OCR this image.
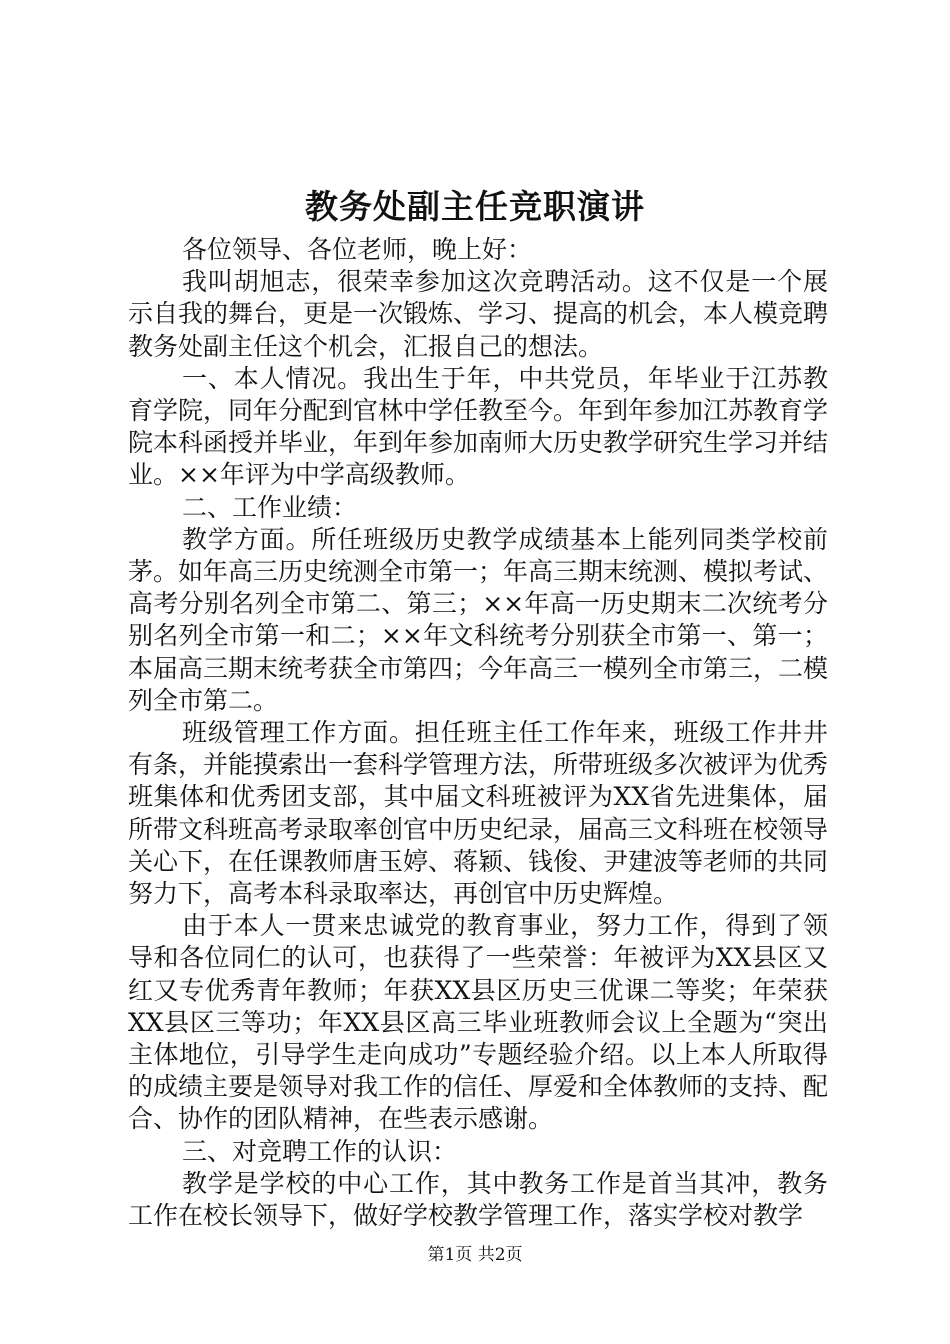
教务处副主任竞职演讲

各位领导、各位老师，晚上好：

我叫胡旭志，很荣幸参加这次竞聘活动。这不仅是一个展示自我的舞台，更是一次锻炼、学习、提高的机会，本人模竞聘教务处副主任这个机会，汇报自己的想法。

一、本人情况。我出生于年，中共党员，年毕业于江苏教育学院，同年分配到官林中学任教至今。年到年参加江苏教育学院本科函授并毕业，年到年参加南师大历史教学研究生学习并结业。××年评为中学高级教师。

二、工作业绩：

教学方面。所任班级历史教学成绩基本上能列同类学校前茅。如年高三历史统测全市第一；年高三期末统测、模拟考试、高考分别名列全市第二、第三；××年高一历史期末二次统考分别名列全市第一和二；××年文科统考分别获全市第一、第一；本届高三期末统考获全市第四；今年高三一模列全市第三，二模列全市第二。

班级管理工作方面。担任班主任工作年来，班级工作井井有条，并能摸索出一套科学管理方法，所带班级多次被评为优秀班集体和优秀团支部，其中届文科班被评为XX省先进集体，届所带文科班高考录取率创官中历史纪录，届高三文科班在校领导关心下，在任课教师唐玉婷、蒋颖、钱俊、尹建波等老师的共同努力下，高考本科录取率达，再创官中历史辉煌。

由于本人一贯来忠诚党的教育事业，努力工作，得到了领导和各位同仁的认可，也获得了一些荣誉：年被评为XX县区又红又专优秀青年教师；年获XX县区历史三优课二等奖；年荣获XX县区三等功；年XX县区高三毕业班教师会议上全题为“突出主体地位，引导学生走向成功”专题经验介绍。以上本人所取得的成绩主要是领导对我工作的信任、厚爱和全体教师的支持、配合、协作的团队精神，在些表示感谢。

三、对竞聘工作的认识：

教学是学校的中心工作，其中教务工作是首当其冲，教务工作在校长领导下，做好学校教学管理工作，落实学校对教学

第1页 共2页
